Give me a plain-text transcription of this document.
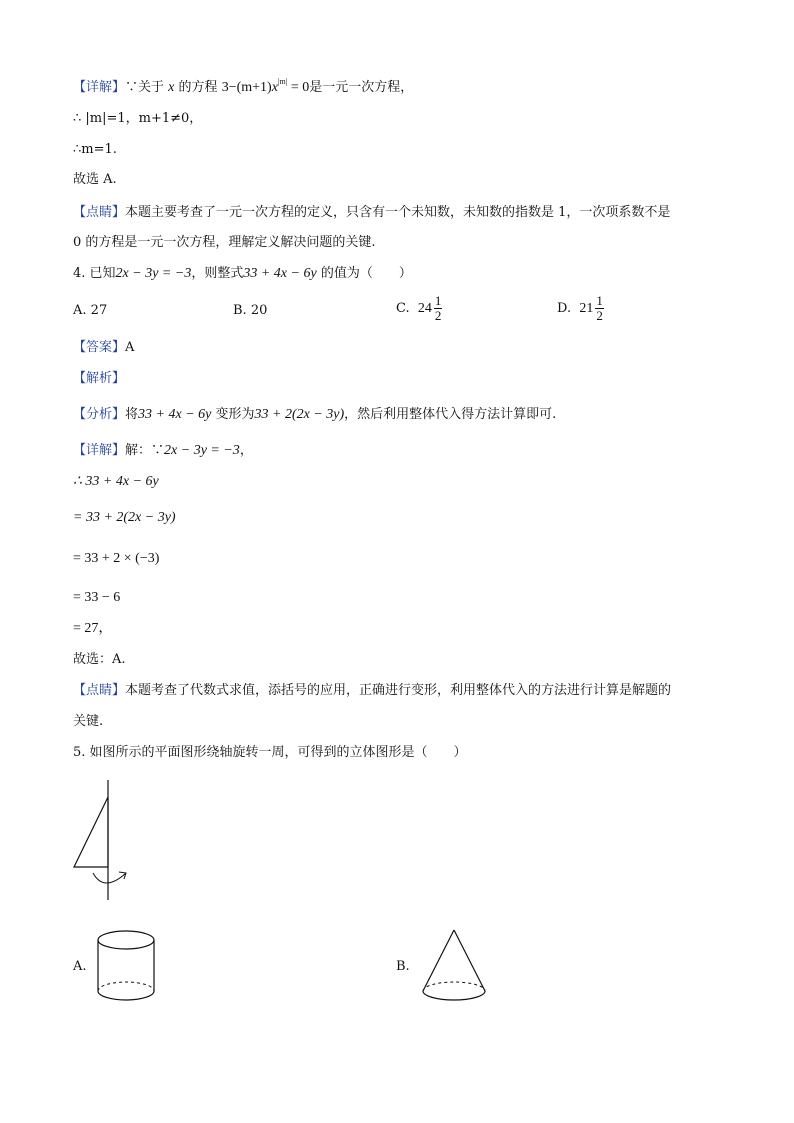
【详解】∵关于 x 的方程 $3-(m+1)x^{|m|} = 0$是一元一次方程，
∴ |m|=1，m+1≠0，
∴m=1.
故选 A.
【点睛】本题主要考查了一元一次方程的定义，只含有一个未知数，未知数的指数是 1，一次项系数不是
0 的方程是一元一次方程，理解定义解决问题的关键.
4. 已知2x − 3y = −3，则整式33 + 4x − 6y 的值为（　　）
A. 27	B. 20	C. $24 \frac{1}{2}$	D. $21 \frac{1}{2}$
【答案】A
【解析】
【分析】将33 + 4x − 6y 变形为33 + 2(2x − 3y)，然后利用整体代入得方法计算即可.
【详解】解：∵2x − 3y = −3，
∴ 33 + 4x − 6y
= 33 + 2(2x − 3y)
= 33 + 2 × (−3)
= 33 − 6
= 27，
故选：A.
【点睛】本题考查了代数式求值，添括号的应用，正确进行变形，利用整体代入的方法进行计算是解题的
关键.
5. 如图所示的平面图形绕轴旋转一周，可得到的立体图形是（　　）
A.	B.
